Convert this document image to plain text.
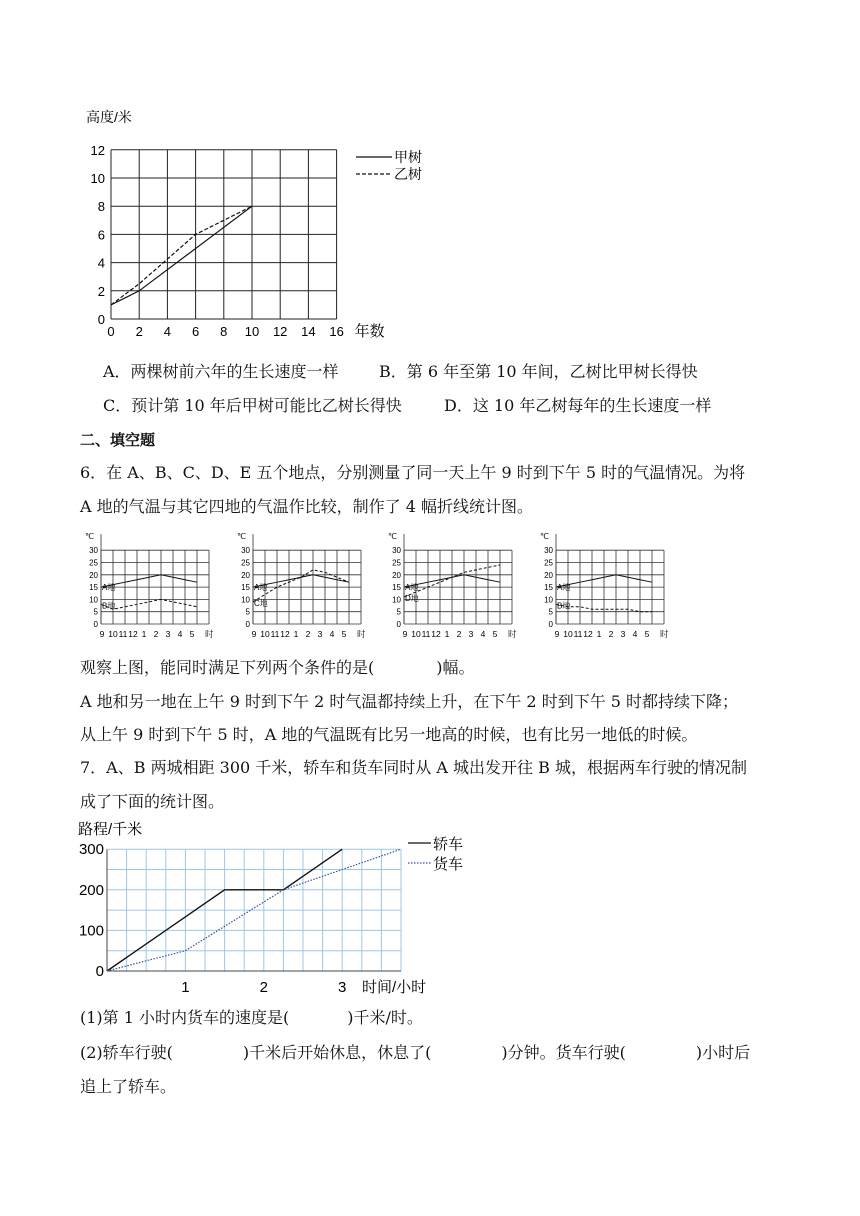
0 2 4 6 8 10 12 14 16
0
2
4
6
8
10
12
高度/米
年数
甲树
乙树
A．两棵树前六年的生长速度一样	B．第 6 年至第 10 年间，乙树比甲树长得快
C．预计第 10 年后甲树可能比乙树长得快	D．这 10 年乙树每年的生长速度一样
二、填空题
6．在 A、B、C、D、E 五个地点，分别测量了同一天上午 9 时到下午 5 时的气温情况。为将
A 地的气温与其它四地的气温作比较，制作了 4 幅折线统计图。
℃
0
5
10
15
20
25
30
9 10 11 12 1 2 3 4 5 时
A地
B地
℃
0
5
10
15
20
25
30
9 10 11 12 1 2 3 4 5 时
A地
C地
℃
0
5
10
15
20
25
30
9 10 11 12 1 2 3 4 5 时
A地
D地
℃
0
5
10
15
20
25
30
9 10 11 12 1 2 3 4 5 时
A地
B地
观察上图，能同时满足下列两个条件的是(	)幅。
A 地和另一地在上午 9 时到下午 2 时气温都持续上升，在下午 2 时到下午 5 时都持续下降；
从上午 9 时到下午 5 时，A 地的气温既有比另一地高的时候，也有比另一地低的时候。
7．A、B 两城相距 300 千米，轿车和货车同时从 A 城出发开往 B 城，根据两车行驶的情况制
成了下面的统计图。
路程/千米
0
100
200
300
1	2	3 时间/小时
轿车
货车
(1)第 1 小时内货车的速度是(	)千米/时。
(2)轿车行驶(	)千米后开始休息，休息了(	)分钟。货车行驶(	)小时后
追上了轿车。
